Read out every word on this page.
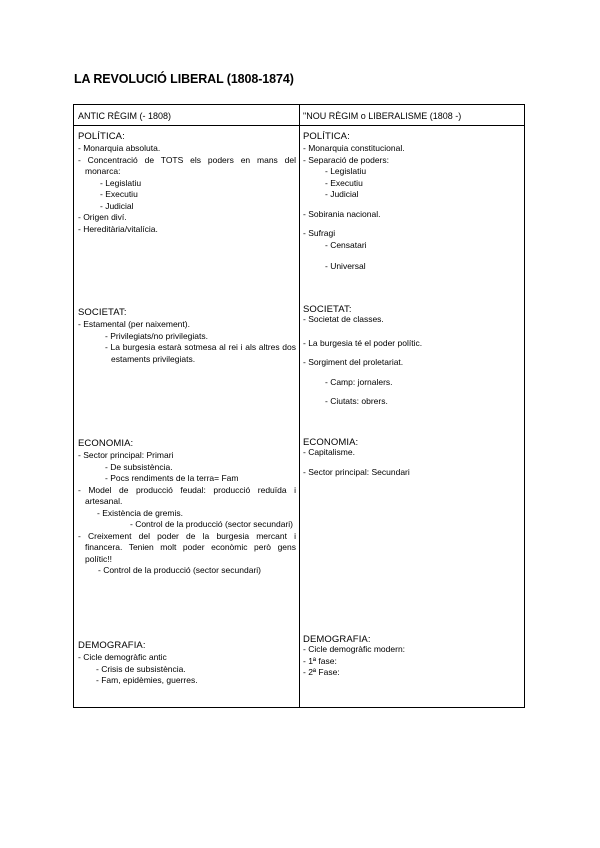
LA REVOLUCIÓ LIBERAL (1808-1874)
ANTIC RÈGIM (- 1808)	"NOU RÈGIM o LIBERALISME (1808 -)
POLÍTICA:
- Monarquia absoluta.
- Concentració de TOTS els poders en mans del monarca:
- Legislatiu
- Executiu
- Judicial
- Origen diví.
- Hereditària/vitalícia.
SOCIETAT:
- Estamental (per naixement).
- Privilegiats/no privilegiats.
- La burgesia estarà sotmesa al rei i als altres dos estaments privilegiats.
ECONOMIA:
- Sector principal: Primari
- De subsistència.
- Pocs rendiments de la terra= Fam
- Model de producció feudal: producció reduïda i artesanal.
- Existència de gremis.
- Control de la producció (sector secundari)
- Creixement del poder de la burgesia mercant i financera. Tenien molt poder econòmic però gens polític!!
- Control de la producció (sector secundari)
DEMOGRAFIA:
- Cicle demogràfic antic
- Crisis de subsistència.
- Fam, epidèmies, guerres.
POLÍTICA:
- Monarquia constitucional.
- Separació de poders:
- Legislatiu
- Executiu
- Judicial
- Sobirania nacional.
- Sufragi
- Censatari
- Universal
SOCIETAT:
- Societat de classes.
- La burgesia té el poder polític.
- Sorgiment del proletariat.
- Camp: jornalers.
- Ciutats: obrers.
ECONOMIA:
- Capitalisme.
- Sector principal: Secundari
DEMOGRAFIA:
- Cicle demogràfic modern:
- 1ª fase:
- 2ª Fase:
